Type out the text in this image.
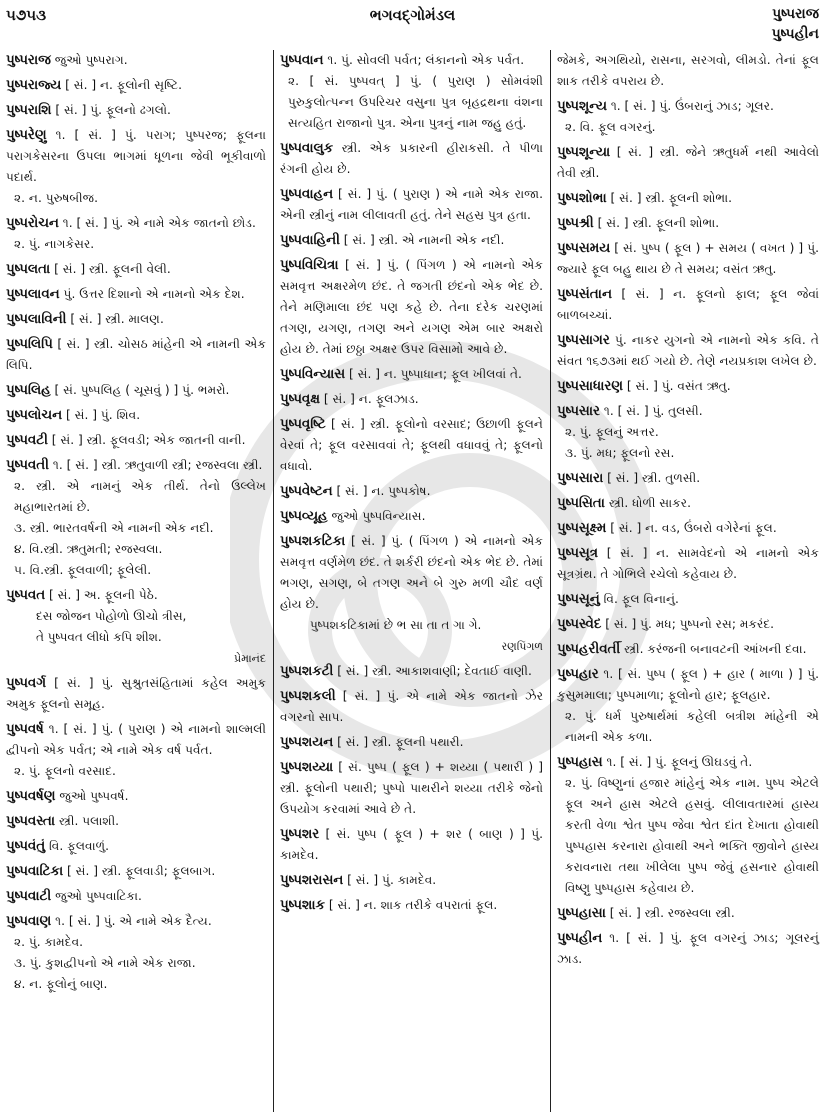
૫૭૫૩	ભગવદ્ગોમંડલ	પુષ્પરાજ
પુષ્પહીન
પુષ્પરાજ જુઓ પુષ્પરાગ.
પુષ્પરાજ્ય [ સં. ] ન. ફૂલોની સૃષ્ટિ.
પુષ્પરાશિ [ સં. ] પું. ફૂલનો ઢગલો.
પુષ્પરેણુ ૧. [ સં. ] પું. પરાગ; પુષ્પરજ; ફૂલના પરાગકેસરના ઉપલા ભાગમાં ધૂળના જેવી ભૂકીવાળો પદાર્થ.
૨. ન. પુરુષબીજ.
પુષ્પરોચન ૧. [ સં. ] પું. એ નામે એક જાતનો છોડ.
૨. પું. નાગકેસર.
પુષ્પલતા [ સં. ] સ્ત્રી. ફૂલની વેલી.
પુષ્પલાવન પું. ઉત્તર દિશાનો એ નામનો એક દેશ.
પુષ્પલાવિની [ સં. ] સ્ત્રી. માલણ.
પુષ્પલિપિ [ સં. ] સ્ત્રી. ચોસઠ માંહેની એ નામની એક લિપિ.
પુષ્પલિહ [ સં. પુષ્પલિહ ( ચૂસવું ) ] પું. ભમરો.
પુષ્પલોચન [ સં. ] પું. શિવ.
પુષ્પવટી [ સં. ] સ્ત્રી. ફૂલવડી; એક જાતની વાની.
પુષ્પવતી ૧. [ સં. ] સ્ત્રી. ઋતુવાળી સ્ત્રી; રજસ્વલા સ્ત્રી.
૨. સ્ત્રી. એ નામનું એક તીર્થ. તેનો ઉલ્લેખ મહાભારતમાં છે.
૩. સ્ત્રી. ભારતવર્ષની એ નામની એક નદી.
૪. વિ.સ્ત્રી. ઋતુમતી; રજસ્વલા.
૫. વિ.સ્ત્રી. ફૂલવાળી; ફૂલેલી.
પુષ્પવત [ સં. ] અ. ફૂલની પેઠે.
દસ જોજન પોહોળો ઊચો ત્રીસ,
તે પુષ્પવત લીધો કપિ શીશ.
પ્રેમાનંદ

પુષ્પવર્ગ [ સં. ] પું. સુશ્રુતસંહિતામાં કહેલ અમુક અમુક ફૂલનો સમૂહ.
પુષ્પવર્ષ ૧. [ સં. ] પું. ( પુરાણ ) એ નામનો શાલ્મલી દ્વીપનો એક પર્વત; એ નામે એક વર્ષ પર્વત.
૨. પું. ફૂલનો વરસાદ.
પુષ્પવર્ષણ જુઓ પુષ્પવર્ષ.
પુષ્પવસ્તા સ્ત્રી. પલાશી.
પુષ્પવંતું વિ. ફૂલવાળું.
પુષ્પવાટિકા [ સં. ] સ્ત્રી. ફૂલવાડી; ફૂલબાગ.
પુષ્પવાટી જુઓ પુષ્પવાટિકા.
પુષ્પવાણ ૧. [ સં. ] પું. એ નામે એક દૈત્ય.
૨. પું. કામદેવ.
૩. પું. કુશદ્વીપનો એ નામે એક રાજા.
૪. ન. ફૂલોનું બાણ.
પુષ્પવાન ૧. પું. સોવલી પર્વત; લંકાનનો એક પર્વત.
૨. [ સં. પુષ્પવત્ ] પું. ( પુરાણ ) સોમવંશી પુરુકુલોત્પન્ન ઉપરિચર વસુના પુત્ર બૃહદ્રથના વંશના સત્યહિત રાજાનો પુત્ર. એના પુત્રનું નામ જહુ હતું.
પુષ્પવાલુક સ્ત્રી. એક પ્રકારની હીરાકસી. તે પીળા રંગની હોય છે.
પુષ્પવાહન [ સં. ] પું. ( પુરાણ ) એ નામે એક રાજા. એની સ્ત્રીનું નામ લીલાવતી હતું. તેને સહસ્ર પુત્ર હતા.
પુષ્પવાહિની [ સં. ] સ્ત્રી. એ નામની એક નદી.
પુષ્પવિચિત્રા [ સં. ] પું. ( પિંગળ ) એ નામનો એક સમવૃત્ત અક્ષરમેળ છંદ. તે જગતી છંદનો એક ભેદ છે. તેને મણિમાલા છંદ પણ કહે છે. તેના દરેક ચરણમાં તગણ, યગણ, તગણ અને યગણ એમ બાર અક્ષરો હોય છે. તેમાં છઠ્ઠા અક્ષર ઉપર વિસામો આવે છે.
પુષ્પવિન્યાસ [ સં. ] ન. પુષ્પાધાન; ફૂલ ખીલવાં તે.
પુષ્પવૃક્ષ [ સં. ] ન. ફૂલઝાડ.
પુષ્પવૃષ્ટિ [ સં. ] સ્ત્રી. ફૂલોનો વરસાદ; ઉછાળી ફૂલને વેરવાં તે; ફૂલ વરસાવવાં તે; ફૂલથી વધાવવું તે; ફૂલનો વધાવો.
પુષ્પવેષ્ટન [ સં. ] ન. પુષ્પકોષ.
પુષ્પવ્યૂહ જુઓ પુષ્પવિન્યાસ.
પુષ્પશકટિકા [ સં. ] પું. ( પિંગળ ) એ નામનો એક સમવૃત્ત વર્ણમેળ છંદ. તે શર્કરી છંદનો એક ભેદ છે. તેમાં ભગણ, સગણ, બે તગણ અને બે ગુરુ મળી ચૌદ વર્ણ હોય છે.
પુષ્પશકટિકામાં છે ભ સા તા ત ગા ગે.
રણપિંગળ

પુષ્પશકટી [ સં. ] સ્ત્રી. આકાશવાણી; દેવતાઈ વાણી.
પુષ્પશકલી [ સં. ] પું. એ નામે એક જાતનો ઝેર વગરનો સાપ.
પુષ્પશયન [ સં. ] સ્ત્રી. ફૂલની પથારી.
પુષ્પશય્યા [ સં. પુષ્પ ( ફૂલ ) + શય્યા ( પથારી ) ] સ્ત્રી. ફૂલોની પથારી; પુષ્પો પાથરીને શય્યા તરીકે જેનો ઉપયોગ કરવામાં આવે છે તે.
પુષ્પશર [ સં. પુષ્પ ( ફૂલ ) + શર ( બાણ ) ] પું. કામદેવ.
પુષ્પશરાસન [ સં. ] પું. કામદેવ.
પુષ્પશાક [ સં. ] ન. શાક તરીકે વપરાતાં ફૂલ.
જેમકે, અગથિયો, રાસના, સરગવો, લીમડો. તેનાં ફૂલ શાક તરીકે વપરાય છે.
પુષ્પશૂન્ય ૧. [ સં. ] પું. ઉંબરાનું ઝાડ; ગૂલર.
૨. વિ. ફૂલ વગરનું.
પુષ્પશૂન્યા [ સં. ] સ્ત્રી. જેને ઋતુધર્મ નથી આવેલો તેવી સ્ત્રી.
પુષ્પશોભા [ સં. ] સ્ત્રી. ફૂલની શોભા.
પુષ્પશ્રી [ સં. ] સ્ત્રી. ફૂલની શોભા.
પુષ્પસમય [ સં. પુષ્પ ( ફૂલ ) + સમય ( વખત ) ] પું. જ્યારે ફૂલ બહુ થાય છે તે સમય; વસંત ઋતુ.
પુષ્પસંતાન [ સં. ] ન. ફૂલનો ફાલ; ફૂલ જેવાં બાળબચ્ચાં.
પુષ્પસાગર પું. નાકર યુગનો એ નામનો એક કવિ. તે સંવત ૧૬૭૩માં થઈ ગયો છે. તેણે નયપ્રકાશ લખેલ છે.
પુષ્પસાધારણ [ સં. ] પું. વસંત ઋતુ.
પુષ્પસાર ૧. [ સં. ] પું. તુલસી.
૨. પું. ફૂલનું અત્તર.
૩. પું. મધ; ફૂલનો રસ.
પુષ્પસારા [ સં. ] સ્ત્રી. તુળસી.
પુષ્પસિતા સ્ત્રી. ધોળી સાકર.
પુષ્પસૂક્ષ્મ [ સં. ] ન. વડ, ઉંબરો વગેરેનાં ફૂલ.
પુષ્પસૂત્ર [ સં. ] ન. સામવેદનો એ નામનો એક સૂત્રગ્રંથ. તે ગોભિલે રચેલો કહેવાય છે.
પુષ્પસૂનું વિ. ફૂલ વિનાનું.
પુષ્પસ્વેદ [ સં. ] પું. મધ; પુષ્પનો રસ; મકરંદ.
પુષ્પહરીવર્તી સ્ત્રી. કરંજની બનાવટની આંખની દવા.
પુષ્પહાર ૧. [ સં. પુષ્પ ( ફૂલ ) + હાર ( માળા ) ] પું. કુસુમમાલા; પુષ્પમાળા; ફૂલોનો હાર; ફૂલહાર.
૨. પું. ધર્મ પુરુષાર્થમાં કહેલી બત્રીશ માંહેની એ નામની એક કળા.
પુષ્પહાસ ૧. [ સં. ] પું. ફૂલનું ઊઘડવું તે.
૨. પું. વિષ્ણુનાં હજાર માંહેનું એક નામ. પુષ્પ એટલે ફૂલ અને હાસ એટલે હસવું. લીલાવતારમાં હાસ્ય કરતી વેળા શ્વેત પુષ્પ જેવા શ્વેત દાંત દેખાતા હોવાથી પુષ્પહાસ કરનારા હોવાથી અને ભક્તિ જીવોને હાસ્ય કરાવનારા તથા ખીલેલા પુષ્પ જેવું હસનાર હોવાથી વિષ્ણુ પુષ્પહાસ કહેવાય છે.
પુષ્પહાસા [ સં. ] સ્ત્રી. રજસ્વલા સ્ત્રી.
પુષ્પહીન ૧. [ સં. ] પું. ફૂલ વગરનું ઝાડ; ગૂલરનું ઝાડ.
